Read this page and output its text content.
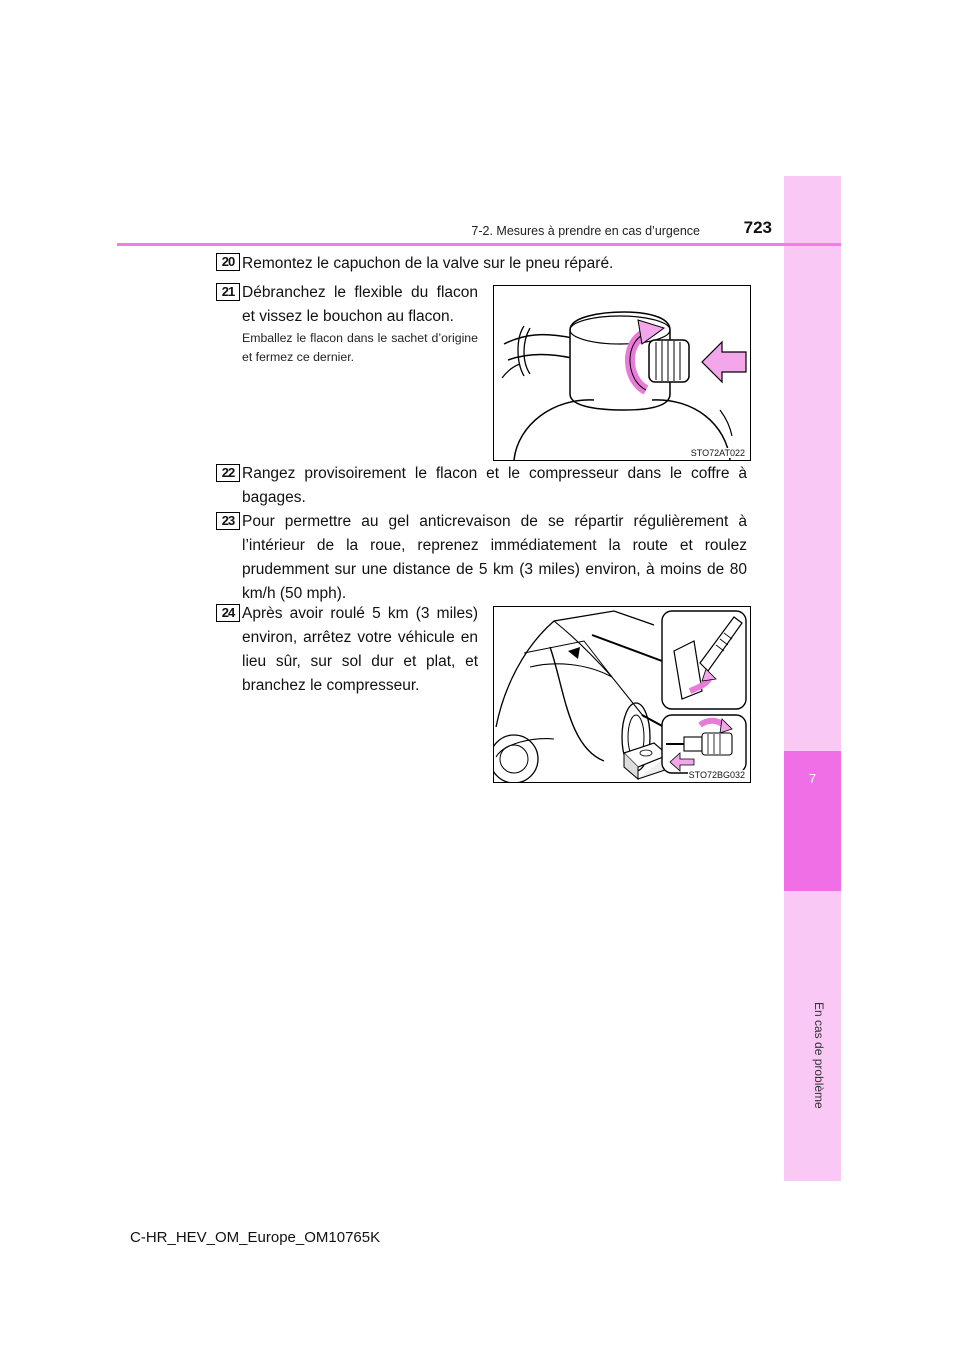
7
En cas de problème
7-2. Mesures à prendre en cas d’urgence	723
20 Remontez le capuchon de la valve sur le pneu réparé.
21 Débranchez le flexible du flacon et vissez le bouchon au flacon.
Emballez le flacon dans le sachet d’origine et fermez ce dernier.
STO72AT022
22 Rangez provisoirement le flacon et le compresseur dans le coffre à bagages.
23 Pour permettre au gel anticrevaison de se répartir régulièrement à l’intérieur de la roue, reprenez immédiatement la route et roulez prudemment sur une distance de 5 km (3 miles) environ, à moins de 80 km/h (50 mph).
24 Après avoir roulé 5 km (3 miles) environ, arrêtez votre véhicule en lieu sûr, sur sol dur et plat, et branchez le compresseur.
STO72BG032
C-HR_HEV_OM_Europe_OM10765K
